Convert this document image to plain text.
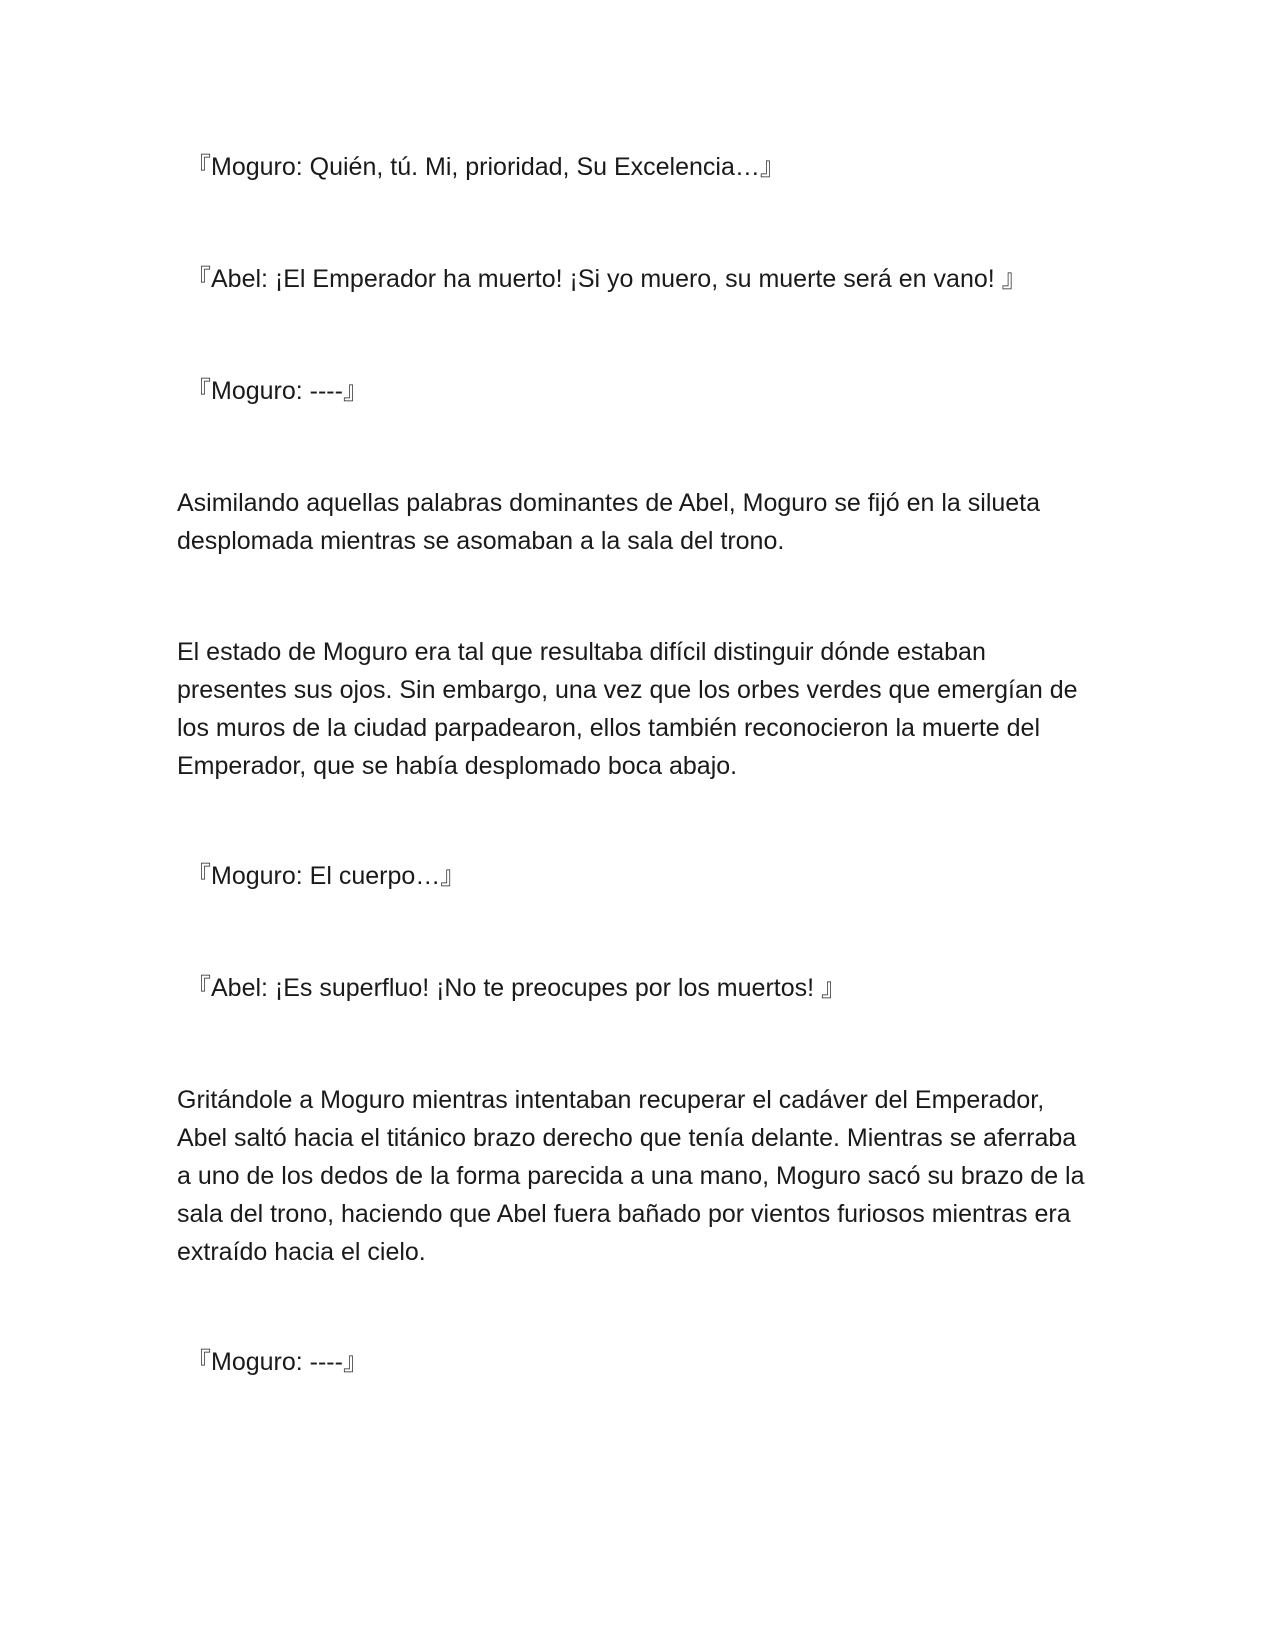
『Moguro: Quién, tú. Mi, prioridad, Su Excelencia…』

『Abel: ¡El Emperador ha muerto! ¡Si yo muero, su muerte será en vano! 』

『Moguro: ----』

Asimilando aquellas palabras dominantes de Abel, Moguro se fijó en la silueta desplomada mientras se asomaban a la sala del trono.

El estado de Moguro era tal que resultaba difícil distinguir dónde estaban presentes sus ojos. Sin embargo, una vez que los orbes verdes que emergían de los muros de la ciudad parpadearon, ellos también reconocieron la muerte del Emperador, que se había desplomado boca abajo.

『Moguro: El cuerpo…』

『Abel: ¡Es superfluo! ¡No te preocupes por los muertos! 』

Gritándole a Moguro mientras intentaban recuperar el cadáver del Emperador, Abel saltó hacia el titánico brazo derecho que tenía delante. Mientras se aferraba a uno de los dedos de la forma parecida a una mano, Moguro sacó su brazo de la sala del trono, haciendo que Abel fuera bañado por vientos furiosos mientras era extraído hacia el cielo.

『Moguro: ----』
